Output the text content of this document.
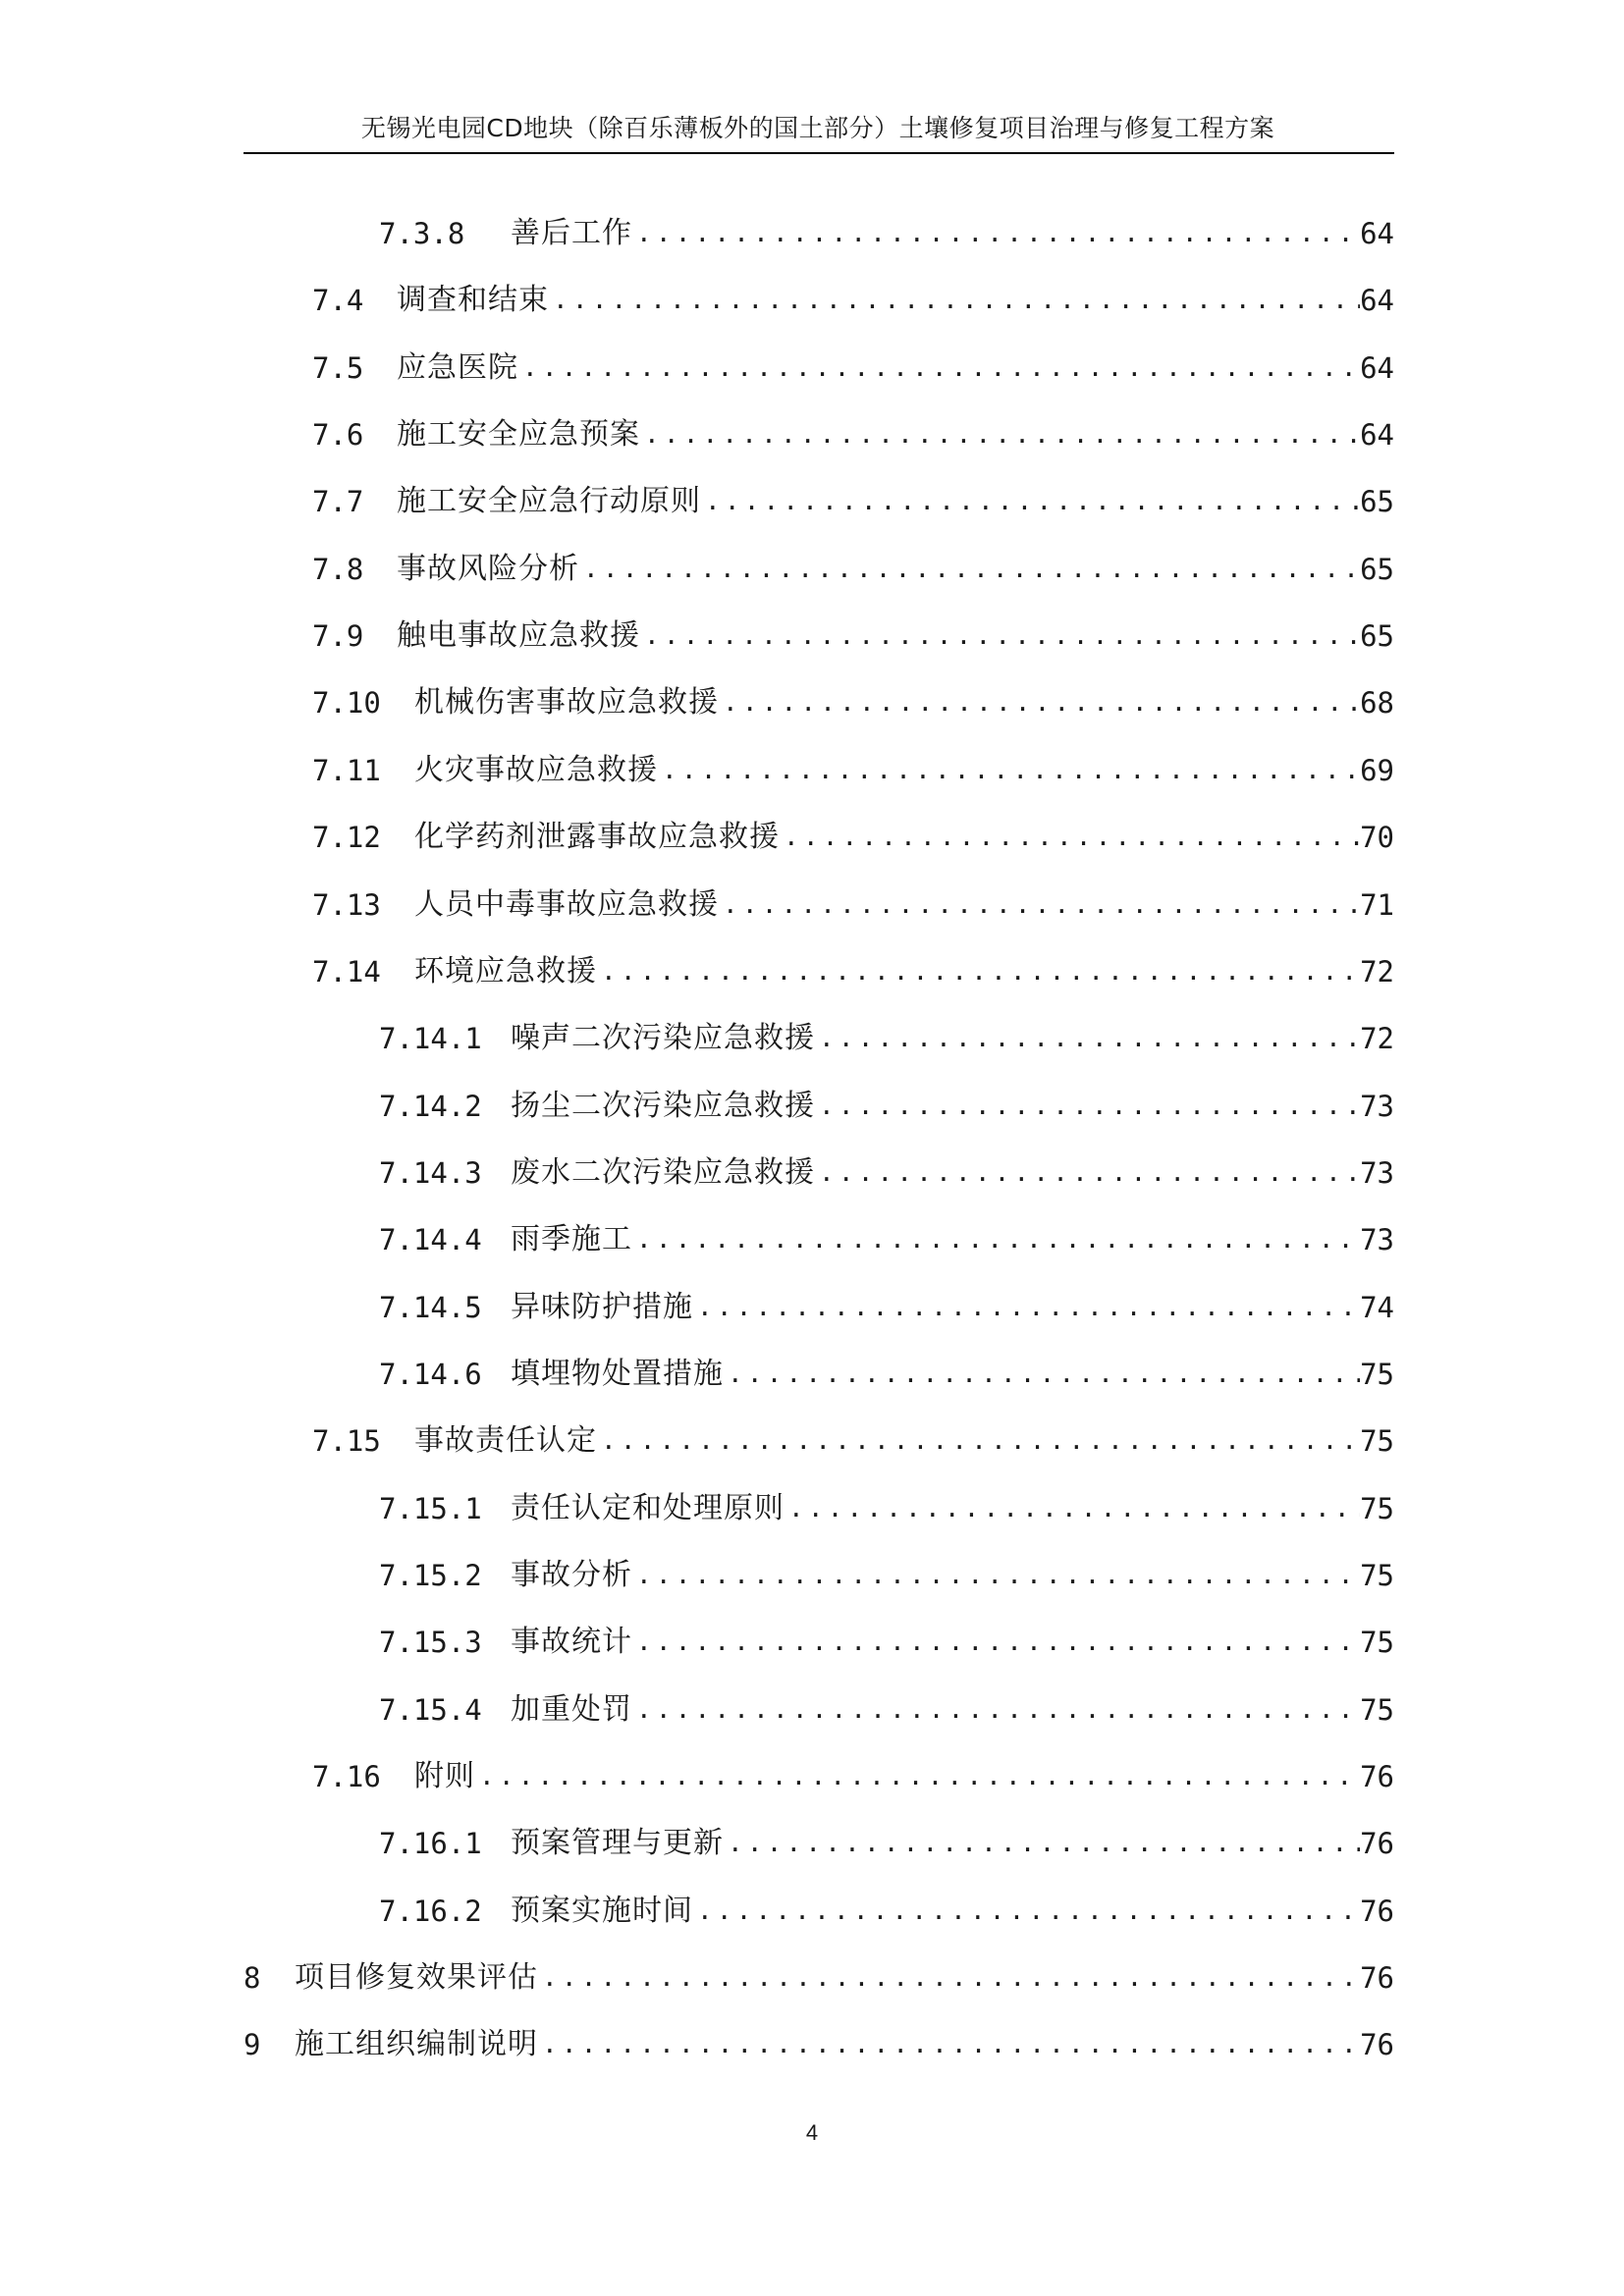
无锡光电园CD地块（除百乐薄板外的国土部分）土壤修复项目治理与修复工程方案
7.3.8	善后工作 .....	64
7.4	调查和结束 .....	64
7.5	应急医院 .....	64
7.6	施工安全应急预案 .....	64
7.7	施工安全应急行动原则 .....	65
7.8	事故风险分析 .....	65
7.9	触电事故应急救援 .....	65
7.10	机械伤害事故应急救援 .....	68
7.11	火灾事故应急救援 .....	69
7.12	化学药剂泄露事故应急救援 .....	70
7.13	人员中毒事故应急救援 .....	71
7.14	环境应急救援 .....	72
7.14.1 噪声二次污染应急救援 .....	72
7.14.2 扬尘二次污染应急救援 .....	73
7.14.3 废水二次污染应急救援 .....	73
7.14.4 雨季施工 .....	73
7.14.5 异味防护措施 .....	74
7.14.6 填埋物处置措施 .....	75
7.15	事故责任认定 .....	75
7.15.1 责任认定和处理原则 .....	75
7.15.2 事故分析 .....	75
7.15.3 事故统计 .....	75
7.15.4 加重处罚 .....	75
7.16	附则 .....	76
7.16.1 预案管理与更新 .....	76
7.16.2 预案实施时间 .....	76
8	项目修复效果评估 .....	76
9	施工组织编制说明 .....	76
4
